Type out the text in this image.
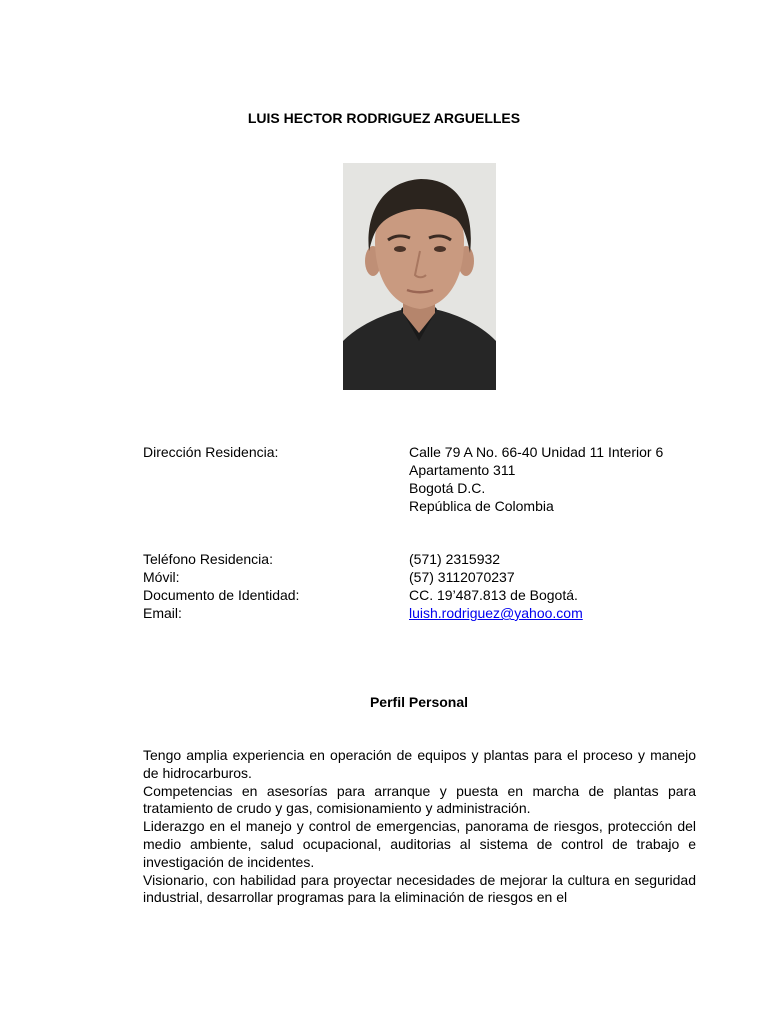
LUIS HECTOR RODRIGUEZ ARGUELLES
Dirección Residencia:	Calle 79 A No. 66-40 Unidad 11 Interior 6
Apartamento 311
Bogotá D.C.
República de Colombia
Teléfono Residencia:	(571) 2315932
Móvil:	(57) 3112070237
Documento de Identidad:	CC. 19’487.813 de Bogotá.
Email:	luish.rodriguez@yahoo.com
Perfil Personal

Tengo amplia experiencia en operación de equipos y plantas para el proceso y manejo de hidrocarburos.

Competencias en asesorías para arranque y puesta en marcha de plantas para tratamiento de crudo y gas, comisionamiento y administración.

Liderazgo en el manejo y control de emergencias, panorama de riesgos, protección del medio ambiente, salud ocupacional, auditorias al sistema de control de trabajo e investigación de incidentes.

Visionario, con habilidad para proyectar necesidades de mejorar la cultura en seguridad industrial, desarrollar programas para la eliminación de riesgos en el
